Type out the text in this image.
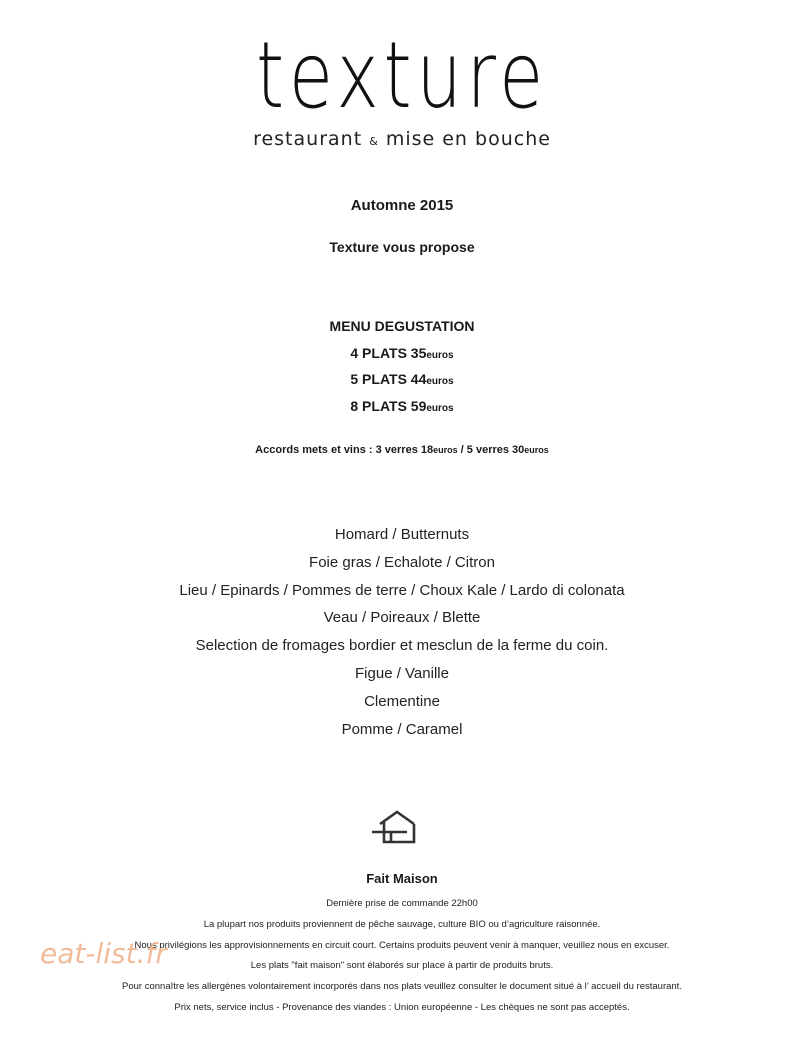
texture
restaurant & mise en bouche
Automne 2015
Texture vous propose
MENU DEGUSTATION
4 PLATS 35euros
5 PLATS 44euros
8 PLATS 59euros
Accords mets et vins : 3 verres 18euros / 5 verres 30euros
Homard / Butternuts
Foie gras / Echalote / Citron
Lieu / Epinards / Pommes de terre / Choux Kale / Lardo di colonata
Veau / Poireaux / Blette
Selection de fromages bordier et mesclun de la ferme du coin.
Figue / Vanille
Clementine
Pomme / Caramel
Fait Maison
Dernière prise de commande 22h00
La plupart nos produits proviennent de pêche sauvage, culture BIO ou d’agriculture raisonnée.
Nous privilégions les approvisionnements en circuit court. Certains produits peuvent venir à manquer, veuillez nous en excuser.
Les plats "fait maison" sont élaborés sur place à partir de produits bruts.
Pour connaître les allergènes volontairement incorporés dans nos plats veuillez consulter le document situé à l’ accueil du restaurant.
Prix nets, service inclus - Provenance des viandes : Union européenne - Les chèques ne sont pas acceptés.
eat-list.fr
